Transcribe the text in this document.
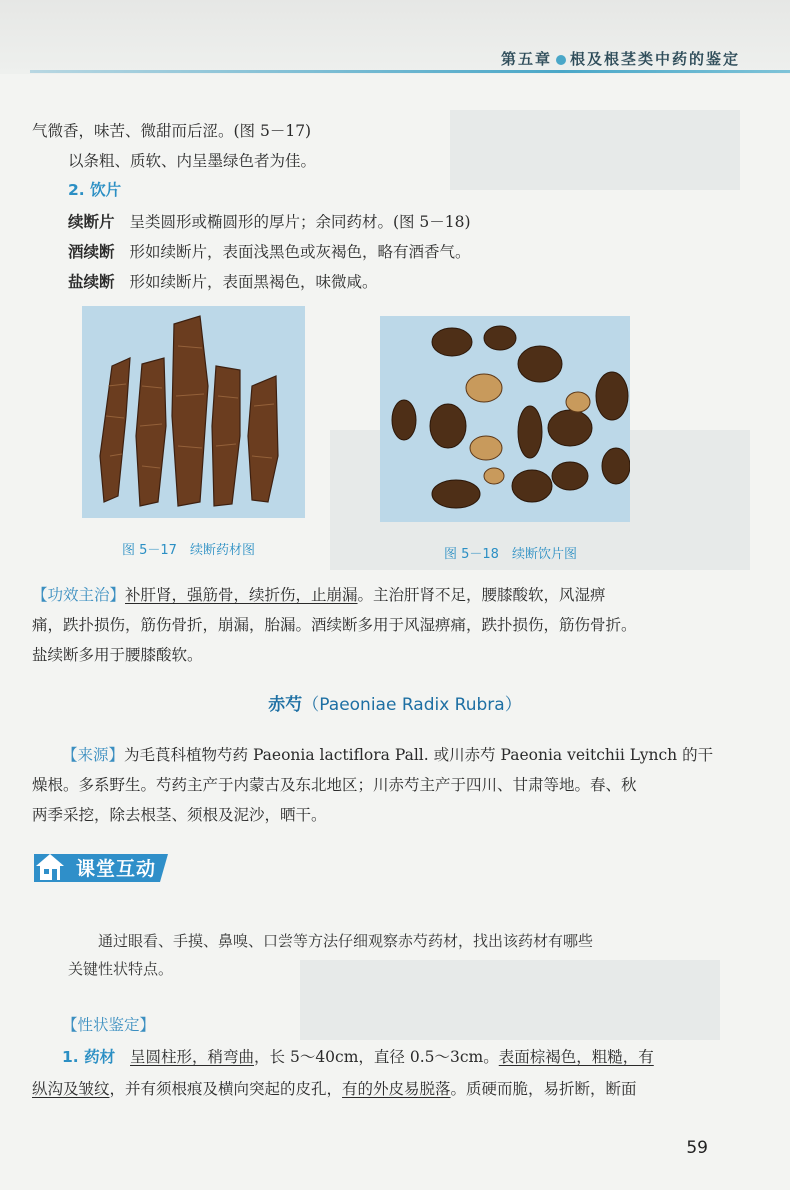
第五章 根及根茎类中药的鉴定
气微香，味苦、微甜而后涩。(图 5－17)
以条粗、质软、内呈墨绿色者为佳。
2. 饮片
续断片 呈类圆形或椭圆形的厚片；余同药材。(图 5－18)
酒续断 形如续断片，表面浅黑色或灰褐色，略有酒香气。
盐续断 形如续断片，表面黑褐色，味微咸。
图 5－17　续断药材图	图 5－18　续断饮片图
【功效主治】补肝肾，强筋骨，续折伤，止崩漏。主治肝肾不足，腰膝酸软，风湿痹
痛，跌扑损伤，筋伤骨折，崩漏，胎漏。酒续断多用于风湿痹痛，跌扑损伤，筋伤骨折。
盐续断多用于腰膝酸软。
赤芍（Paeoniae Radix Rubra）
【来源】为毛莨科植物芍药 Paeonia lactiflora Pall. 或川赤芍 Paeonia veitchii Lynch 的干
燥根。多系野生。芍药主产于内蒙古及东北地区；川赤芍主产于四川、甘肃等地。春、秋
两季采挖，除去根茎、须根及泥沙，晒干。
课堂互动
通过眼看、手摸、鼻嗅、口尝等方法仔细观察赤芍药材，找出该药材有哪些
关键性状特点。
【性状鉴定】
1. 药材 呈圆柱形，稍弯曲，长 5～40cm，直径 0.5～3cm。表面棕褐色，粗糙，有
纵沟及皱纹，并有须根痕及横向突起的皮孔，有的外皮易脱落。质硬而脆，易折断，断面
59
